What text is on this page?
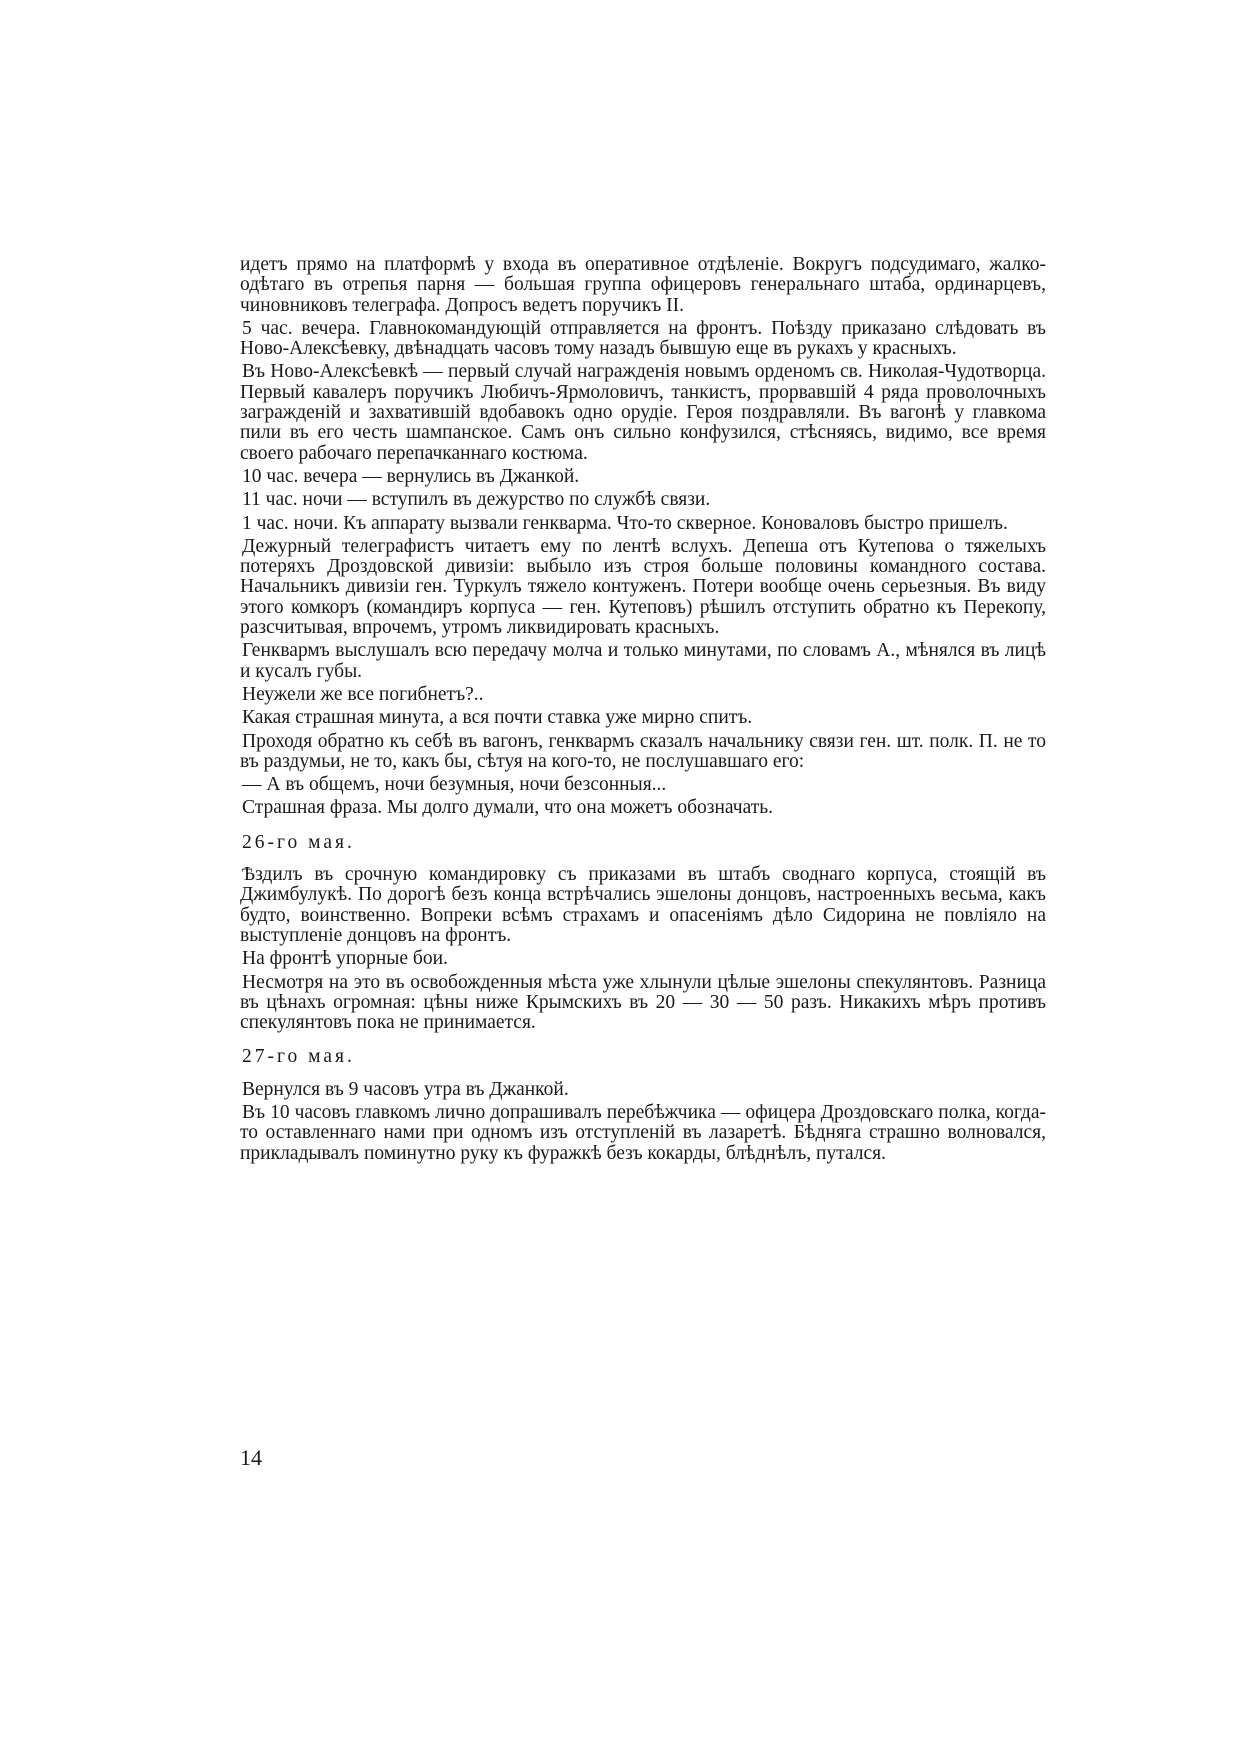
идетъ прямо на платформѣ у входа въ оперативное отдѣленіе. Вокругъ подсудимаго, жалко-одѣтаго въ отрепья парня — большая группа офицеровъ генеральнаго штаба, ординарцевъ, чиновниковъ телеграфа. Допросъ ведетъ поручикъ II.

5 час. вечера. Главнокомандующій отправляется на фронтъ. Поѣзду приказано слѣдовать въ Ново-Алексѣевку, двѣнадцать часовъ тому назадъ бывшую еще въ рукахъ у красныхъ.

Въ Ново-Алексѣевкѣ — первый случай награжденія новымъ орденомъ св. Николая-Чудотворца. Первый кавалеръ поручикъ Любичъ-Ярмоловичъ, танкистъ, прорвавшій 4 ряда проволочныхъ загражденій и захватившій вдобавокъ одно орудіе. Героя поздравляли. Въ вагонѣ у главкома пили въ его честь шампанское. Самъ онъ сильно конфузился, стѣсняясь, видимо, все время своего рабочаго перепачканнаго костюма.

10 час. вечера — вернулись въ Джанкой.

11 час. ночи — вступилъ въ дежурство по службѣ связи.

1 час. ночи. Къ аппарату вызвали генкварма. Что-то скверное. Коноваловъ быстро пришелъ.

Дежурный телеграфистъ читаетъ ему по лентѣ вслухъ. Депеша отъ Кутепова о тяжелыхъ потеряхъ Дроздовской дивизіи: выбыло изъ строя больше половины командного состава. Начальникъ дивизіи ген. Туркулъ тяжело контуженъ. Потери вообще очень серьезныя. Въ виду этого комкоръ (командиръ корпуса — ген. Кутеповъ) рѣшилъ отступить обратно къ Перекопу, разсчитывая, впрочемъ, утромъ ликвидировать красныхъ.

Генквармъ выслушалъ всю передачу молча и только минутами, по словамъ А., мѣнялся въ лицѣ и кусалъ губы.

Неужели же все погибнетъ?..

Какая страшная минута, а вся почти ставка уже мирно спитъ.

Проходя обратно къ себѣ въ вагонъ, генквармъ сказалъ начальнику связи ген. шт. полк. П. не то въ раздумьи, не то, какъ бы, сѣтуя на кого-то, не послушавшаго его:

— А въ общемъ, ночи безумныя, ночи безсонныя...

Страшная фраза. Мы долго думали, что она можетъ обозначать.

26-го мая.

Ѣздилъ въ срочную командировку съ приказами въ штабъ своднаго корпуса, стоящій въ Джимбулукѣ. По дорогѣ безъ конца встрѣчались эшелоны донцовъ, настроенныхъ весьма, какъ будто, воинственно. Вопреки всѣмъ страхамъ и опасеніямъ дѣло Сидорина не повліяло на выступленіе донцовъ на фронтъ.

На фронтѣ упорные бои.

Несмотря на это въ освобожденныя мѣста уже хлынули цѣлые эшелоны спекулянтовъ. Разница въ цѣнахъ огромная: цѣны ниже Крымскихъ въ 20 — 30 — 50 разъ. Никакихъ мѣръ противъ спекулянтовъ пока не принимается.

27-го мая.

Вернулся въ 9 часовъ утра въ Джанкой.

Въ 10 часовъ главкомъ лично допрашивалъ перебѣжчика — офицера Дроздовскаго полка, когда-то оставленнаго нами при одномъ изъ отступленій въ лазаретѣ. Бѣдняга страшно волновался, прикладывалъ поминутно руку къ фуражкѣ безъ кокарды, блѣднѣлъ, путался.

14
